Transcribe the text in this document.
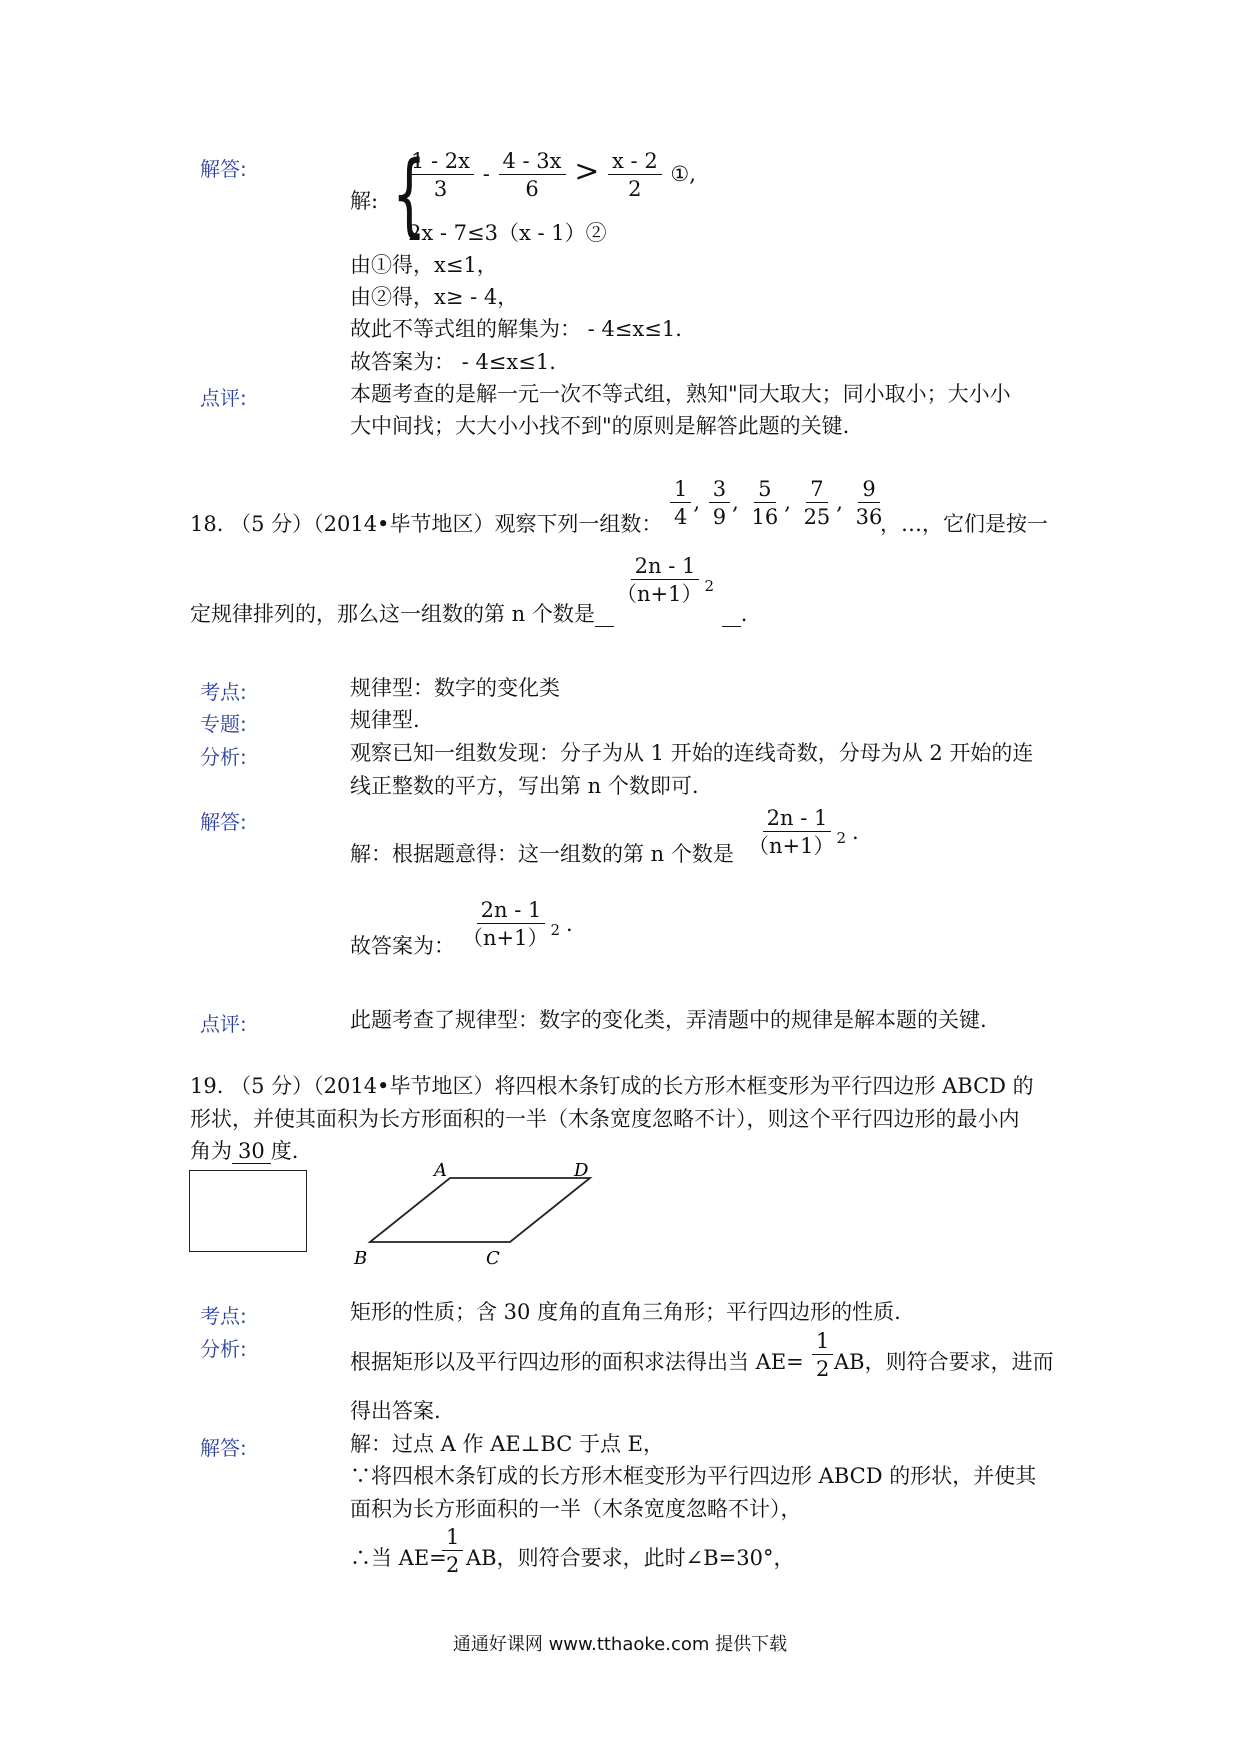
解答:
解: {
$\frac{1 - 2x}{3} - \frac{4 - 3x}{6} > \frac{x - 2}{2}$ ①,
2x - 7≤3（x - 1）②
由①得，x≤1，
由②得，x≥ - 4，
故此不等式组的解集为： - 4≤x≤1.
故答案为： - 4≤x≤1.
点评:	本题考查的是解一元一次不等式组，熟知"同大取大；同小取小；大小小
大中间找；大大小小找不到"的原则是解答此题的关键.
18. （5 分）（2014•毕节地区）观察下列一组数： $\frac{1}{4}$ , $\frac{3}{9}$ , $\frac{5}{16}$ , $\frac{7}{25}$ , $\frac{9}{36}$
，…，它们是按一
定规律排列的，那么这一组数的第 n 个数是
$\frac{2n - 1}{(n+1) ^2}$
.
考点:	规律型：数字的变化类
专题:	规律型.
分析:	观察已知一组数发现：分子为从 1 开始的连线奇数，分母为从 2 开始的连
线正整数的平方，写出第 n 个数即可.
解答:
解：根据题意得：这一组数的第 n 个数是 $\frac{2n - 1}{(n+1) ^2}$ .
故答案为： $\frac{2n - 1}{(n+1) ^2}$ .
点评:	此题考查了规律型：数字的变化类，弄清题中的规律是解本题的关键.
19. （5 分）（2014•毕节地区）将四根木条钉成的长方形木框变形为平行四边形 ABCD 的
形状，并使其面积为长方形面积的一半（木条宽度忽略不计），则这个平行四边形的最小内
角为 30 度.
A	D
B	C
考点:	矩形的性质；含 30 度角的直角三角形；平行四边形的性质.
分析:
根据矩形以及平行四边形的面积求法得出当 $AE= \frac{1}{2}$ AB，则符合要求，进而
得出答案.
解答:	解：过点 A 作 AE⊥BC 于点 E，
∵将四根木条钉成的长方形木框变形为平行四边形 ABCD 的形状，并使其
面积为长方形面积的一半（木条宽度忽略不计），
∴当 AE=
$\frac{1}{2}$ AB，则符合要求，此时∠B=30°，
通通好课网 www.tthaoke.com 提供下载
